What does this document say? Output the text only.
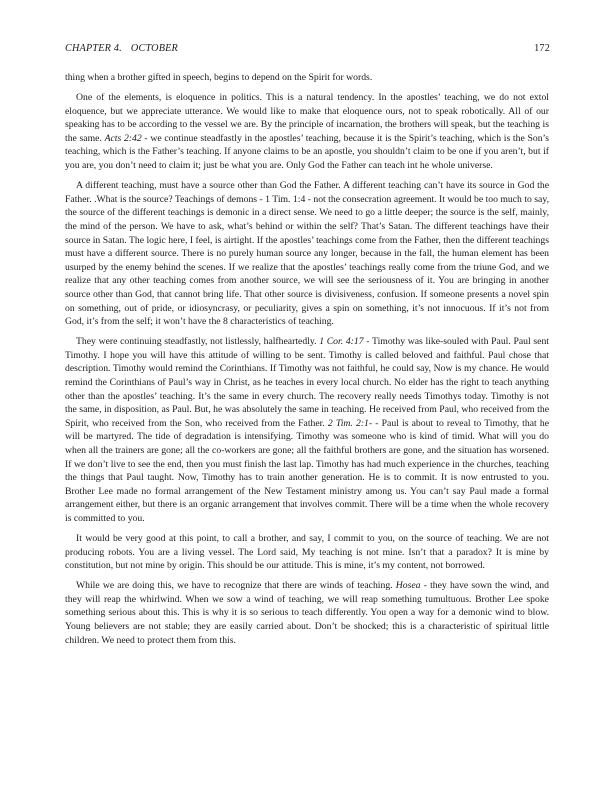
CHAPTER 4. OCTOBER	172

thing when a brother gifted in speech, begins to depend on the Spirit for words.

One of the elements, is eloquence in politics. This is a natural tendency. In the apostles’ teaching, we do not extol eloquence, but we appreciate utterance. We would like to make that eloquence ours, not to speak robotically. All of our speaking has to be according to the vessel we are. By the principle of incarnation, the brothers will speak, but the teaching is the same. Acts 2:42 - we continue steadfastly in the apostles’ teaching, because it is the Spirit’s teaching, which is the Son’s teaching, which is the Father’s teaching. If anyone claims to be an apostle, you shouldn’t claim to be one if you aren’t, but if you are, you don’t need to claim it; just be what you are. Only God the Father can teach int he whole universe.

A different teaching, must have a source other than God the Father. A different teaching can’t have its source in God the Father. .What is the source? Teachings of demons - 1 Tim. 1:4 - not the consecration agreement. It would be too much to say, the source of the different teachings is demonic in a direct sense. We need to go a little deeper; the source is the self, mainly, the mind of the person. We have to ask, what’s behind or within the self? That’s Satan. The different teachings have their source in Satan. The logic here, I feel, is airtight. If the apostles’ teachings come from the Father, then the different teachings must have a different source. There is no purely human source any longer, because in the fall, the human element has been usurped by the enemy behind the scenes. If we realize that the apostles’ teachings really come from the triune God, and we realize that any other teaching comes from another source, we will see the seriousness of it. You are bringing in another source other than God, that cannot bring life. That other source is divisiveness, confusion. If someone presents a novel spin on something, out of pride, or idiosyncrasy, or peculiarity, gives a spin on something, it’s not innocuous. If it’s not from God, it’s from the self; it won’t have the 8 characteristics of teaching.

They were continuing steadfastly, not listlessly, halfheartedly. 1 Cor. 4:17 - Timothy was like-souled with Paul. Paul sent Timothy. I hope you will have this attitude of willing to be sent. Timothy is called beloved and faithful. Paul chose that description. Timothy would remind the Corinthians. If Timothy was not faithful, he could say, Now is my chance. He would remind the Corinthians of Paul’s way in Christ, as he teaches in every local church. No elder has the right to teach anything other than the apostles’ teaching. It’s the same in every church. The recovery really needs Timothys today. Timothy is not the same, in disposition, as Paul. But, he was absolutely the same in teaching. He received from Paul, who received from the Spirit, who received from the Son, who received from the Father. 2 Tim. 2:1- - Paul is about to reveal to Timothy, that he will be martyred. The tide of degradation is intensifying. Timothy was someone who is kind of timid. What will you do when all the trainers are gone; all the co-workers are gone; all the faithful brothers are gone, and the situation has worsened. If we don’t live to see the end, then you must finish the last lap. Timothy has had much experience in the churches, teaching the things that Paul taught. Now, Timothy has to train another generation. He is to commit. It is now entrusted to you. Brother Lee made no formal arrangement of the New Testament ministry among us. You can’t say Paul made a formal arrangement either, but there is an organic arrangement that involves commit. There will be a time when the whole recovery is committed to you.

It would be very good at this point, to call a brother, and say, I commit to you, on the source of teaching. We are not producing robots. You are a living vessel. The Lord said, My teaching is not mine. Isn’t that a paradox? It is mine by constitution, but not mine by origin. This should be our attitude. This is mine, it’s my content, not borrowed.

While we are doing this, we have to recognize that there are winds of teaching. Hosea - they have sown the wind, and they will reap the whirlwind. When we sow a wind of teaching, we will reap something tumultuous. Brother Lee spoke something serious about this. This is why it is so serious to teach differently. You open a way for a demonic wind to blow. Young believers are not stable; they are easily carried about. Don’t be shocked; this is a characteristic of spiritual little children. We need to protect them from this.
